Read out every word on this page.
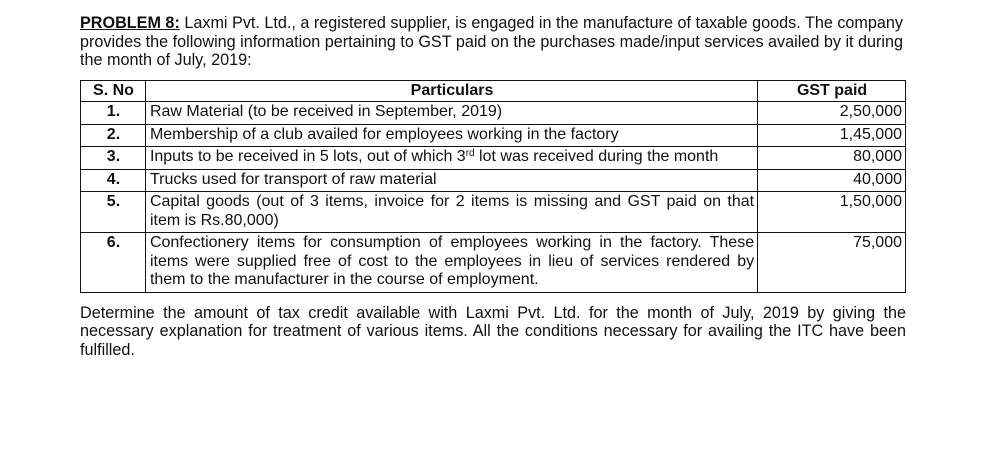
PROBLEM 8: Laxmi Pvt. Ltd., a registered supplier, is engaged in the manufacture of taxable goods. The company provides the following information pertaining to GST paid on the purchases made/input services availed by it during the month of July, 2019:

S. No	Particulars	GST paid
1.	Raw Material (to be received in September, 2019)	2,50,000
2.	Membership of a club availed for employees working in the factory	1,45,000
3.	Inputs to be received in 5 lots, out of which 3rd lot was received during the month	80,000
4.	Trucks used for transport of raw material	40,000
5.	Capital goods (out of 3 items, invoice for 2 items is missing and GST paid on that item is Rs.80,000)	1,50,000
6.	Confectionery items for consumption of employees working in the factory. These items were supplied free of cost to the employees in lieu of services rendered by them to the manufacturer in the course of employment.	75,000

Determine the amount of tax credit available with Laxmi Pvt. Ltd. for the month of July, 2019 by giving the necessary explanation for treatment of various items. All the conditions necessary for availing the ITC have been fulfilled.
